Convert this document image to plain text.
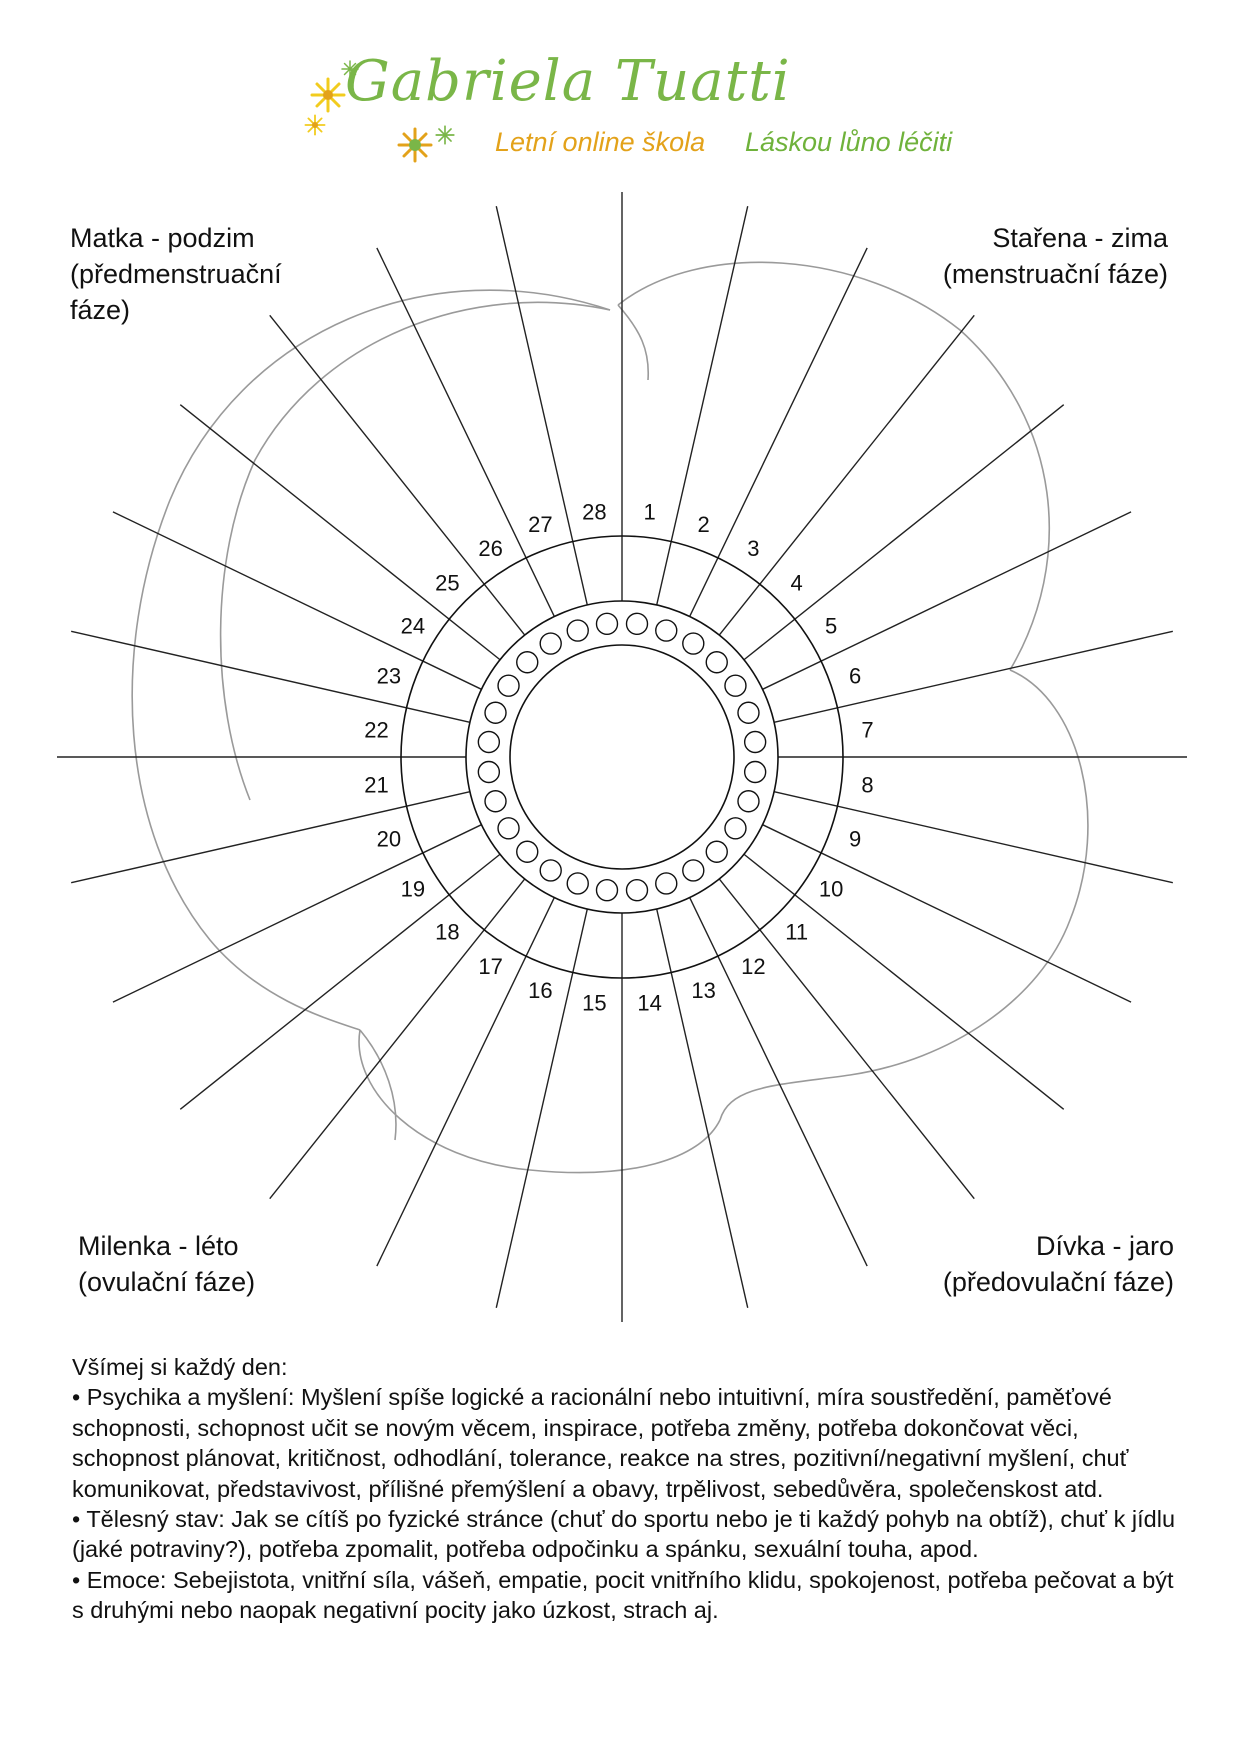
Gabriela Tuatti
Letní online škola Láskou lůno léčiti
1 2
3
4
5
6
7
8
9
10
11
12
13
14
15
16
17
18
19
20
21
22
23
24
25
26
27 28
Matka - podzim
(předmenstruační
fáze)
Stařena - zima
(menstruační fáze)
Milenka - léto
(ovulační fáze)
Dívka - jaro
(předovulační fáze)

Všímej si každý den:

• Psychika a myšlení: Myšlení spíše logické a racionální nebo intuitivní, míra soustředění, paměťové schopnosti, schopnost učit se novým věcem, inspirace, potřeba změny, potřeba dokončovat věci, schopnost plánovat, kritičnost, odhodlání, tolerance, reakce na stres, pozitivní/negativní myšlení, chuť komunikovat, představivost, přílišné přemýšlení a obavy, trpělivost, sebedůvěra, společenskost atd.

• Tělesný stav: Jak se cítíš po fyzické stránce (chuť do sportu nebo je ti každý pohyb na obtíž), chuť k jídlu (jaké potraviny?), potřeba zpomalit, potřeba odpočinku a spánku, sexuální touha, apod.

• Emoce: Sebejistota, vnitřní síla, vášeň, empatie, pocit vnitřního klidu, spokojenost, potřeba pečovat a být s druhými nebo naopak negativní pocity jako úzkost, strach aj.
